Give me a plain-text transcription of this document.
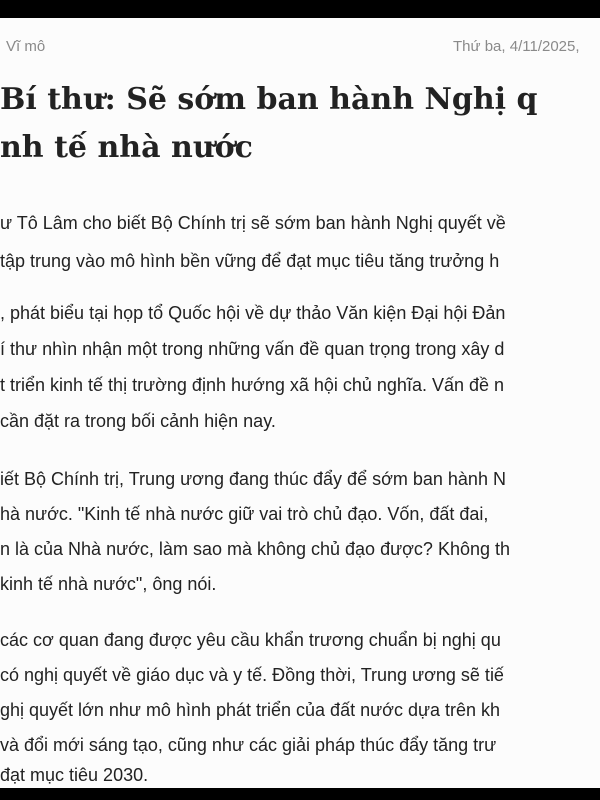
Vĩ mô	Thứ ba, 4/11/2025,
Bí thư: Sẽ sớm ban hành Nghị q
nh tế nhà nước
ư Tô Lâm cho biết Bộ Chính trị sẽ sớm ban hành Nghị quyết về
tập trung vào mô hình bền vững để đạt mục tiêu tăng trưởng h
, phát biểu tại họp tổ Quốc hội về dự thảo Văn kiện Đại hội Đản
í thư nhìn nhận một trong những vấn đề quan trọng trong xây d
t triển kinh tế thị trường định hướng xã hội chủ nghĩa. Vấn đề n
cần đặt ra trong bối cảnh hiện nay.
iết Bộ Chính trị, Trung ương đang thúc đẩy để sớm ban hành N
hà nước. "Kinh tế nhà nước giữ vai trò chủ đạo. Vốn, đất đai,
n là của Nhà nước, làm sao mà không chủ đạo được? Không th
kinh tế nhà nước", ông nói.
các cơ quan đang được yêu cầu khẩn trương chuẩn bị nghị qu
có nghị quyết về giáo dục và y tế. Đồng thời, Trung ương sẽ tiế
ghị quyết lớn như mô hình phát triển của đất nước dựa trên kh
và đổi mới sáng tạo, cũng như các giải pháp thúc đẩy tăng trư
đạt mục tiêu 2030.
